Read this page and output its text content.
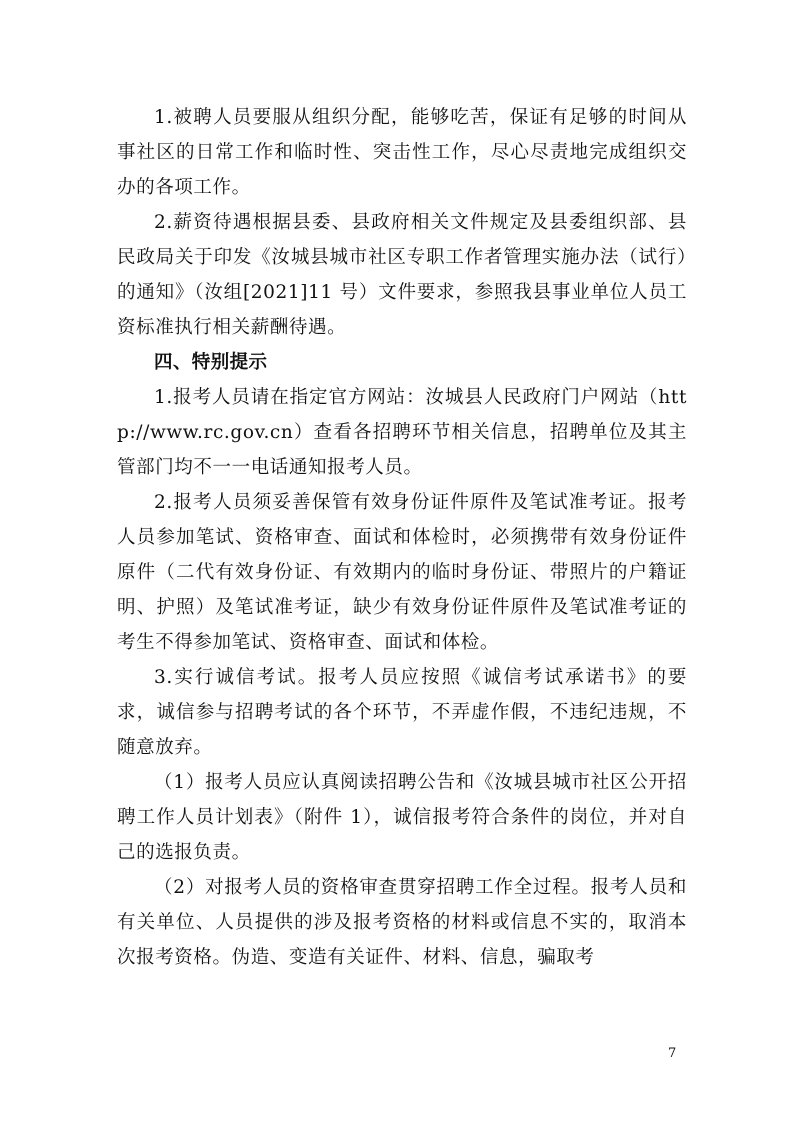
1.被聘人员要服从组织分配，能够吃苦，保证有足够的时间从事社区的日常工作和临时性、突击性工作，尽心尽责地完成组织交办的各项工作。

2.薪资待遇根据县委、县政府相关文件规定及县委组织部、县民政局关于印发《汝城县城市社区专职工作者管理实施办法（试行）的通知》（汝组[2021]11 号）文件要求，参照我县事业单位人员工资标准执行相关薪酬待遇。

四、特别提示

1.报考人员请在指定官方网站：汝城县人民政府门户网站（http://www.rc.gov.cn）查看各招聘环节相关信息，招聘单位及其主管部门均不一一电话通知报考人员。

2.报考人员须妥善保管有效身份证件原件及笔试准考证。报考人员参加笔试、资格审查、面试和体检时，必须携带有效身份证件原件（二代有效身份证、有效期内的临时身份证、带照片的户籍证明、护照）及笔试准考证，缺少有效身份证件原件及笔试准考证的考生不得参加笔试、资格审查、面试和体检。

3.实行诚信考试。报考人员应按照《诚信考试承诺书》的要求，诚信参与招聘考试的各个环节，不弄虚作假，不违纪违规，不随意放弃。

（1）报考人员应认真阅读招聘公告和《汝城县城市社区公开招聘工作人员计划表》（附件 1），诚信报考符合条件的岗位，并对自己的选报负责。

（2）对报考人员的资格审查贯穿招聘工作全过程。报考人员和有关单位、人员提供的涉及报考资格的材料或信息不实的，取消本次报考资格。伪造、变造有关证件、材料、信息，骗取考

7
